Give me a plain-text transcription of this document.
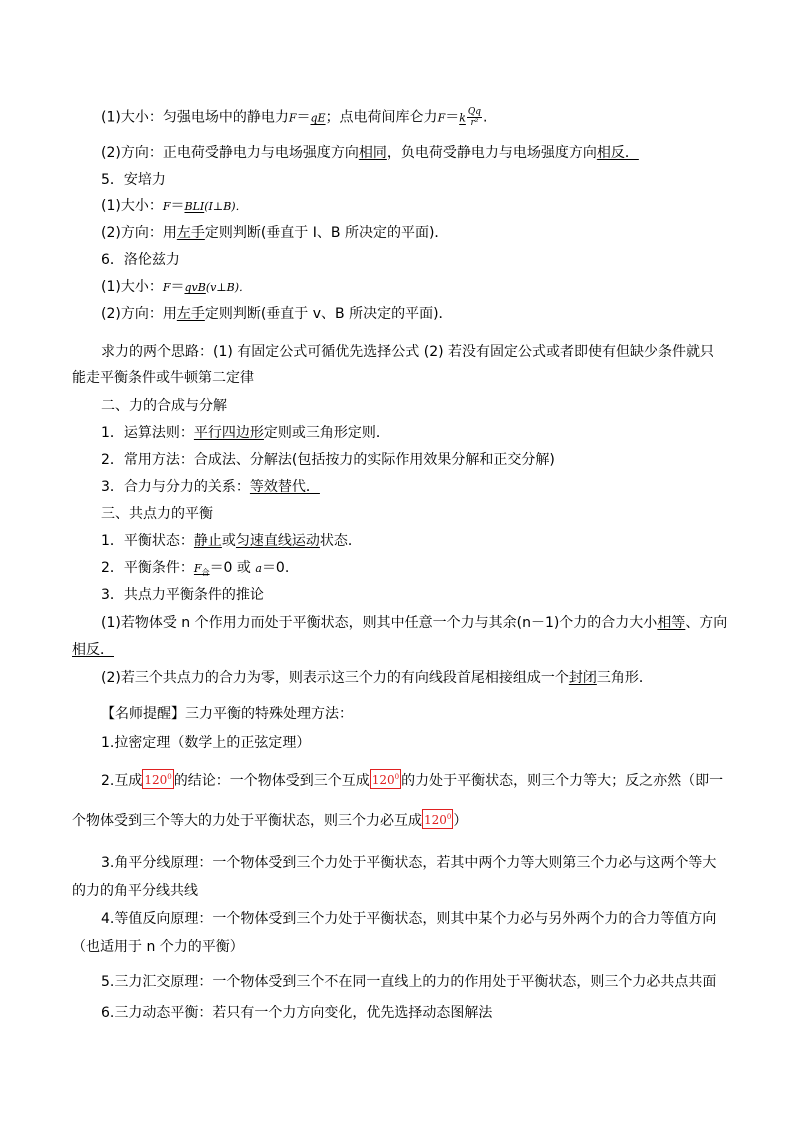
(1)大小：匀强电场中的静电力F＝qE；点电荷间库仑力$F=k \frac{Qq}{\text{r²}}$ .
(2)方向：正电荷受静电力与电场强度方向相同，负电荷受静电力与电场强度方向相反．
5．安培力
(1)大小：F＝BLI(I⊥B)．
(2)方向：用左手定则判断(垂直于 I、B 所决定的平面)．
6．洛伦兹力
(1)大小：F＝qvB(v⊥B)．
(2)方向：用左手定则判断(垂直于 v、B 所决定的平面)．
求力的两个思路：(1) 有固定公式可循优先选择公式 (2) 若没有固定公式或者即使有但缺少条件就只
能走平衡条件或牛顿第二定律
二、力的合成与分解
1．运算法则：平行四边形定则或三角形定则．
2．常用方法：合成法、分解法(包括按力的实际作用效果分解和正交分解)
3．合力与分力的关系：等效替代．
三、共点力的平衡
1．平衡状态：静止或匀速直线运动状态．
2．平衡条件：$F_合=0$ 或 a＝0.
3．共点力平衡条件的推论
(1)若物体受 n 个作用力而处于平衡状态，则其中任意一个力与其余(n－1)个力的合力大小相等、方向
相反．
(2)若三个共点力的合力为零，则表示这三个力的有向线段首尾相接组成一个封闭三角形．
【名师提醒】三力平衡的特殊处理方法：
1.拉密定理（数学上的正弦定理）
2.互成 $120^0$ 的结论：一个物体受到三个互成 $120^0$ 的力处于平衡状态，则三个力等大；反之亦然（即一
个物体受到三个等大的力处于平衡状态，则三个力必互成 $120^0$ ）
3.角平分线原理：一个物体受到三个力处于平衡状态，若其中两个力等大则第三个力必与这两个等大
的力的角平分线共线
4.等值反向原理：一个物体受到三个力处于平衡状态，则其中某个力必与另外两个力的合力等值方向
（也适用于 n 个力的平衡）
5.三力汇交原理：一个物体受到三个不在同一直线上的力的作用处于平衡状态，则三个力必共点共面
6.三力动态平衡：若只有一个力方向变化，优先选择动态图解法
